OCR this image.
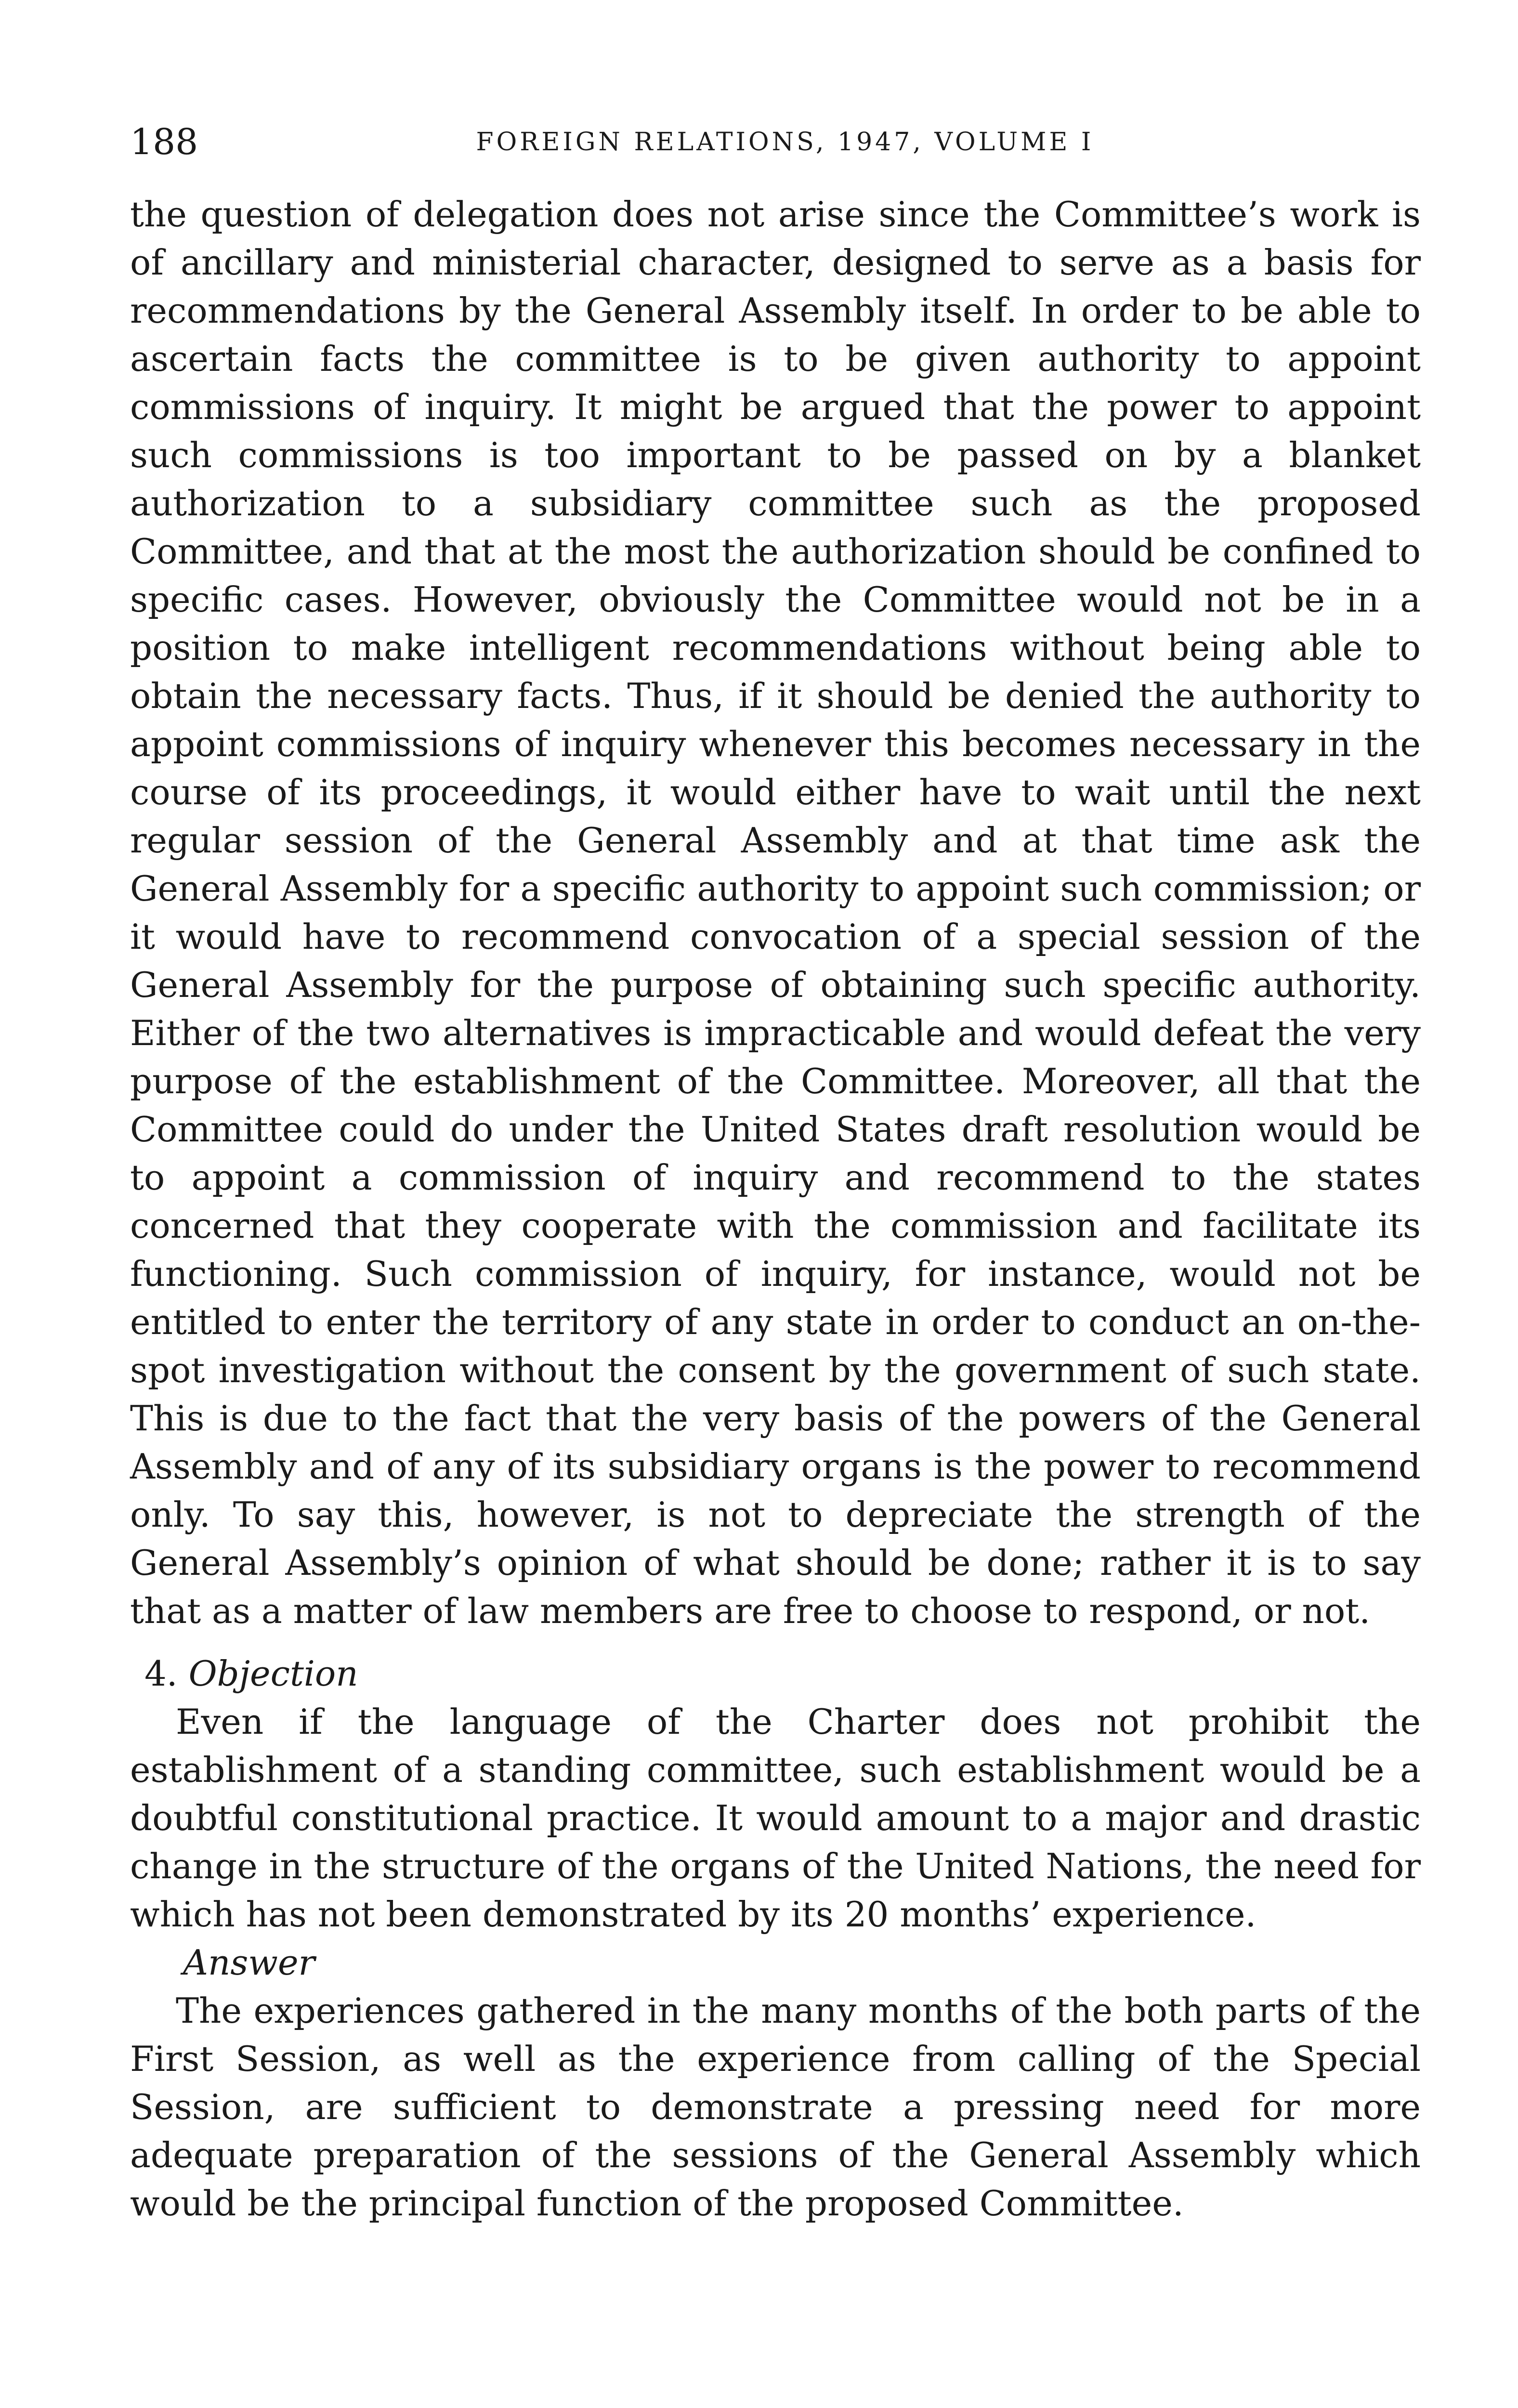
188	FOREIGN RELATIONS, 1947, VOLUME I

the question of delegation does not arise since the Committee’s work is of ancillary and ministerial character, designed to serve as a basis for recommendations by the General Assembly itself. In order to be able to ascertain facts the committee is to be given authority to appoint commissions of inquiry. It might be argued that the power to appoint such commissions is too important to be passed on by a blanket authorization to a subsidiary committee such as the proposed Committee, and that at the most the authorization should be confined to specific cases. However, obviously the Committee would not be in a position to make intelligent recommendations without being able to obtain the necessary facts. Thus, if it should be denied the authority to appoint commissions of inquiry whenever this becomes necessary in the course of its proceedings, it would either have to wait until the next regular session of the General Assembly and at that time ask the General Assembly for a specific authority to appoint such commission; or it would have to recommend convocation of a special session of the General Assembly for the purpose of obtaining such specific authority. Either of the two alternatives is impracticable and would defeat the very purpose of the establishment of the Committee. Moreover, all that the Committee could do under the United States draft resolution would be to appoint a commission of inquiry and recommend to the states concerned that they cooperate with the commission and facilitate its functioning. Such commission of inquiry, for instance, would not be entitled to enter the territory of any state in order to conduct an on-the-spot investigation without the consent by the government of such state. This is due to the fact that the very basis of the powers of the General Assembly and of any of its subsidiary organs is the power to recommend only. To say this, however, is not to depreciate the strength of the General Assembly’s opinion of what should be done; rather it is to say that as a matter of law members are free to choose to respond, or not.

4. Objection

Even if the language of the Charter does not prohibit the establishment of a standing committee, such establishment would be a doubtful constitutional practice. It would amount to a major and drastic change in the structure of the organs of the United Nations, the need for which has not been demonstrated by its 20 months’ experience.

Answer

The experiences gathered in the many months of the both parts of the First Session, as well as the experience from calling of the Special Session, are sufficient to demonstrate a pressing need for more adequate preparation of the sessions of the General Assembly which would be the principal function of the proposed Committee.
